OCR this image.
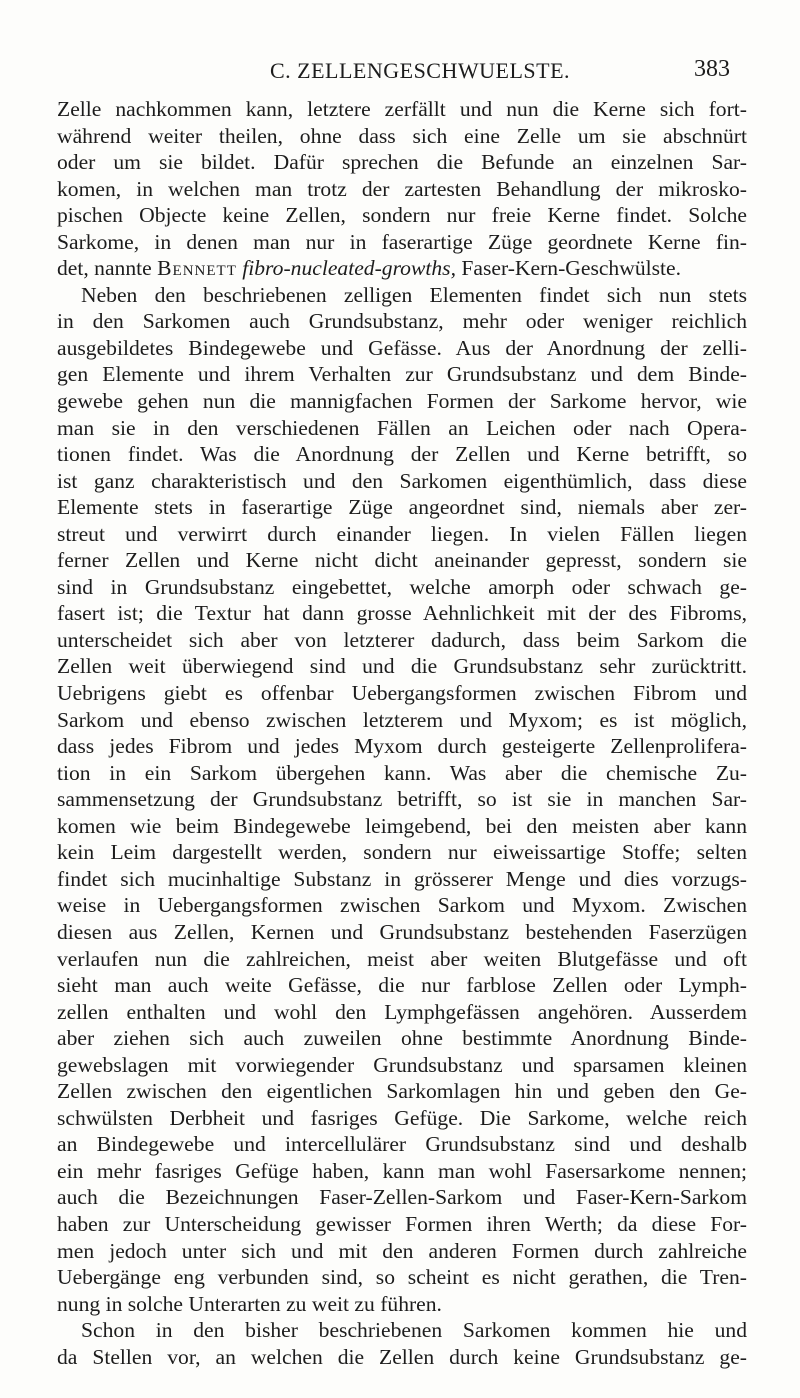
C. ZELLENGESCHWUELSTE.	383
Zelle nachkommen kann, letztere zerfällt und nun die Kerne sich fort-
während weiter theilen, ohne dass sich eine Zelle um sie abschnürt
oder um sie bildet. Dafür sprechen die Befunde an einzelnen Sar-
komen, in welchen man trotz der zartesten Behandlung der mikrosko-
pischen Objecte keine Zellen, sondern nur freie Kerne findet. Solche
Sarkome, in denen man nur in faserartige Züge geordnete Kerne fin-
det, nannte Bennett fibro-nucleated-growths, Faser-Kern-Geschwülste.
Neben den beschriebenen zelligen Elementen findet sich nun stets
in den Sarkomen auch Grundsubstanz, mehr oder weniger reichlich
ausgebildetes Bindegewebe und Gefässe. Aus der Anordnung der zelli-
gen Elemente und ihrem Verhalten zur Grundsubstanz und dem Binde-
gewebe gehen nun die mannigfachen Formen der Sarkome hervor, wie
man sie in den verschiedenen Fällen an Leichen oder nach Opera-
tionen findet. Was die Anordnung der Zellen und Kerne betrifft, so
ist ganz charakteristisch und den Sarkomen eigenthümlich, dass diese
Elemente stets in faserartige Züge angeordnet sind, niemals aber zer-
streut und verwirrt durch einander liegen. In vielen Fällen liegen
ferner Zellen und Kerne nicht dicht aneinander gepresst, sondern sie
sind in Grundsubstanz eingebettet, welche amorph oder schwach ge-
fasert ist; die Textur hat dann grosse Aehnlichkeit mit der des Fibroms,
unterscheidet sich aber von letzterer dadurch, dass beim Sarkom die
Zellen weit überwiegend sind und die Grundsubstanz sehr zurücktritt.
Uebrigens giebt es offenbar Uebergangsformen zwischen Fibrom und
Sarkom und ebenso zwischen letzterem und Myxom; es ist möglich,
dass jedes Fibrom und jedes Myxom durch gesteigerte Zellenprolifera-
tion in ein Sarkom übergehen kann. Was aber die chemische Zu-
sammensetzung der Grundsubstanz betrifft, so ist sie in manchen Sar-
komen wie beim Bindegewebe leimgebend, bei den meisten aber kann
kein Leim dargestellt werden, sondern nur eiweissartige Stoffe; selten
findet sich mucinhaltige Substanz in grösserer Menge und dies vorzugs-
weise in Uebergangsformen zwischen Sarkom und Myxom. Zwischen
diesen aus Zellen, Kernen und Grundsubstanz bestehenden Faserzügen
verlaufen nun die zahlreichen, meist aber weiten Blutgefässe und oft
sieht man auch weite Gefässe, die nur farblose Zellen oder Lymph-
zellen enthalten und wohl den Lymphgefässen angehören. Ausserdem
aber ziehen sich auch zuweilen ohne bestimmte Anordnung Binde-
gewebslagen mit vorwiegender Grundsubstanz und sparsamen kleinen
Zellen zwischen den eigentlichen Sarkomlagen hin und geben den Ge-
schwülsten Derbheit und fasriges Gefüge. Die Sarkome, welche reich
an Bindegewebe und intercellulärer Grundsubstanz sind und deshalb
ein mehr fasriges Gefüge haben, kann man wohl Fasersarkome nennen;
auch die Bezeichnungen Faser-Zellen-Sarkom und Faser-Kern-Sarkom
haben zur Unterscheidung gewisser Formen ihren Werth; da diese For-
men jedoch unter sich und mit den anderen Formen durch zahlreiche
Uebergänge eng verbunden sind, so scheint es nicht gerathen, die Tren-
nung in solche Unterarten zu weit zu führen.
Schon in den bisher beschriebenen Sarkomen kommen hie und
da Stellen vor, an welchen die Zellen durch keine Grundsubstanz ge-
